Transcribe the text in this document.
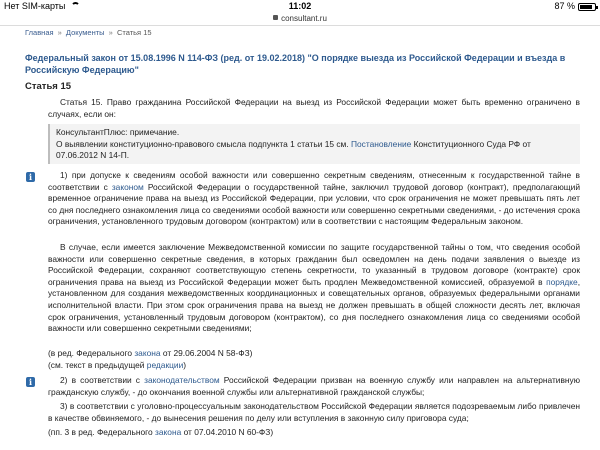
Нет SIM-карты	11:02	87 %
consultant.ru
Главная » Документы » Статья 15
Федеральный закон от 15.08.1996 N 114-ФЗ (ред. от 19.02.2018) "О порядке выезда из Российской Федерации и въезда в Российскую Федерацию"
Статья 15
Статья 15. Право гражданина Российской Федерации на выезд из Российской Федерации может быть временно ограничено в случаях, если он:
КонсультантПлюс: примечание.
О выявлении конституционно-правового смысла подпункта 1 статьи 15 см. Постановление Конституционного Суда РФ от 07.06.2012 N 14-П.
i	1) при допуске к сведениям особой важности или совершенно секретным сведениям, отнесенным к государственной тайне в соответствии с законом Российской Федерации о государственной тайне, заключил трудовой договор (контракт), предполагающий временное ограничение права на выезд из Российской Федерации, при условии, что срок ограничения не может превышать пять лет со дня последнего ознакомления лица со сведениями особой важности или совершенно секретными сведениями, - до истечения срока ограничения, установленного трудовым договором (контрактом) или в соответствии с настоящим Федеральным законом.
В случае, если имеется заключение Межведомственной комиссии по защите государственной тайны о том, что сведения особой важности или совершенно секретные сведения, в которых гражданин был осведомлен на день подачи заявления о выезде из Российской Федерации, сохраняют соответствующую степень секретности, то указанный в трудовом договоре (контракте) срок ограничения права на выезд из Российской Федерации может быть продлен Межведомственной комиссией, образуемой в порядке, установленном для создания межведомственных координационных и совещательных органов, образуемых федеральными органами исполнительной власти. При этом срок ограничения права на выезд не должен превышать в общей сложности десять лет, включая срок ограничения, установленный трудовым договором (контрактом), со дня последнего ознакомления лица со сведениями особой важности или совершенно секретными сведениями;
(в ред. Федерального закона от 29.06.2004 N 58-ФЗ)
(см. текст в предыдущей редакции)
i	2) в соответствии с законодательством Российской Федерации призван на военную службу или направлен на альтернативную гражданскую службу, - до окончания военной службы или альтернативной гражданской службы;
3) в соответствии с уголовно-процессуальным законодательством Российской Федерации является подозреваемым либо привлечен в качестве обвиняемого, - до вынесения решения по делу или вступления в законную силу приговора суда;
(пп. 3 в ред. Федерального закона от 07.04.2010 N 60-ФЗ)
